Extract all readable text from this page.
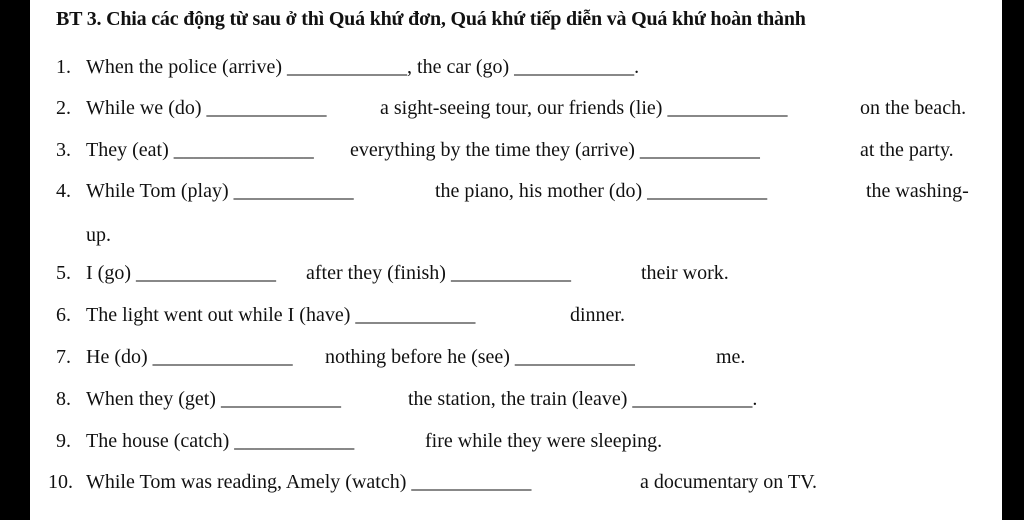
BT 3. Chia các động từ sau ở thì Quá khứ đơn, Quá khứ tiếp diễn và Quá khứ hoàn thành
1. When the police (arrive) ____________, the car (go) ____________.
2. While we (do) ____________	a sight-seeing tour, our friends (lie) ____________	on the beach.
3. They (eat) ______________ everything by the time they (arrive) ____________	at the party.
4. While Tom (play) ____________	the piano, his mother (do) ____________	the washing-
up.
5. I (go) ______________ after they (finish) ____________	their work.
6. The light went out while I (have) ____________	dinner.
7. He (do) ______________ nothing before he (see) ____________	me.
8. When they (get) ____________	the station, the train (leave) ____________.
9. The house (catch) ____________	fire while they were sleeping.
10. While Tom was reading, Amely (watch) ____________	a documentary on TV.
